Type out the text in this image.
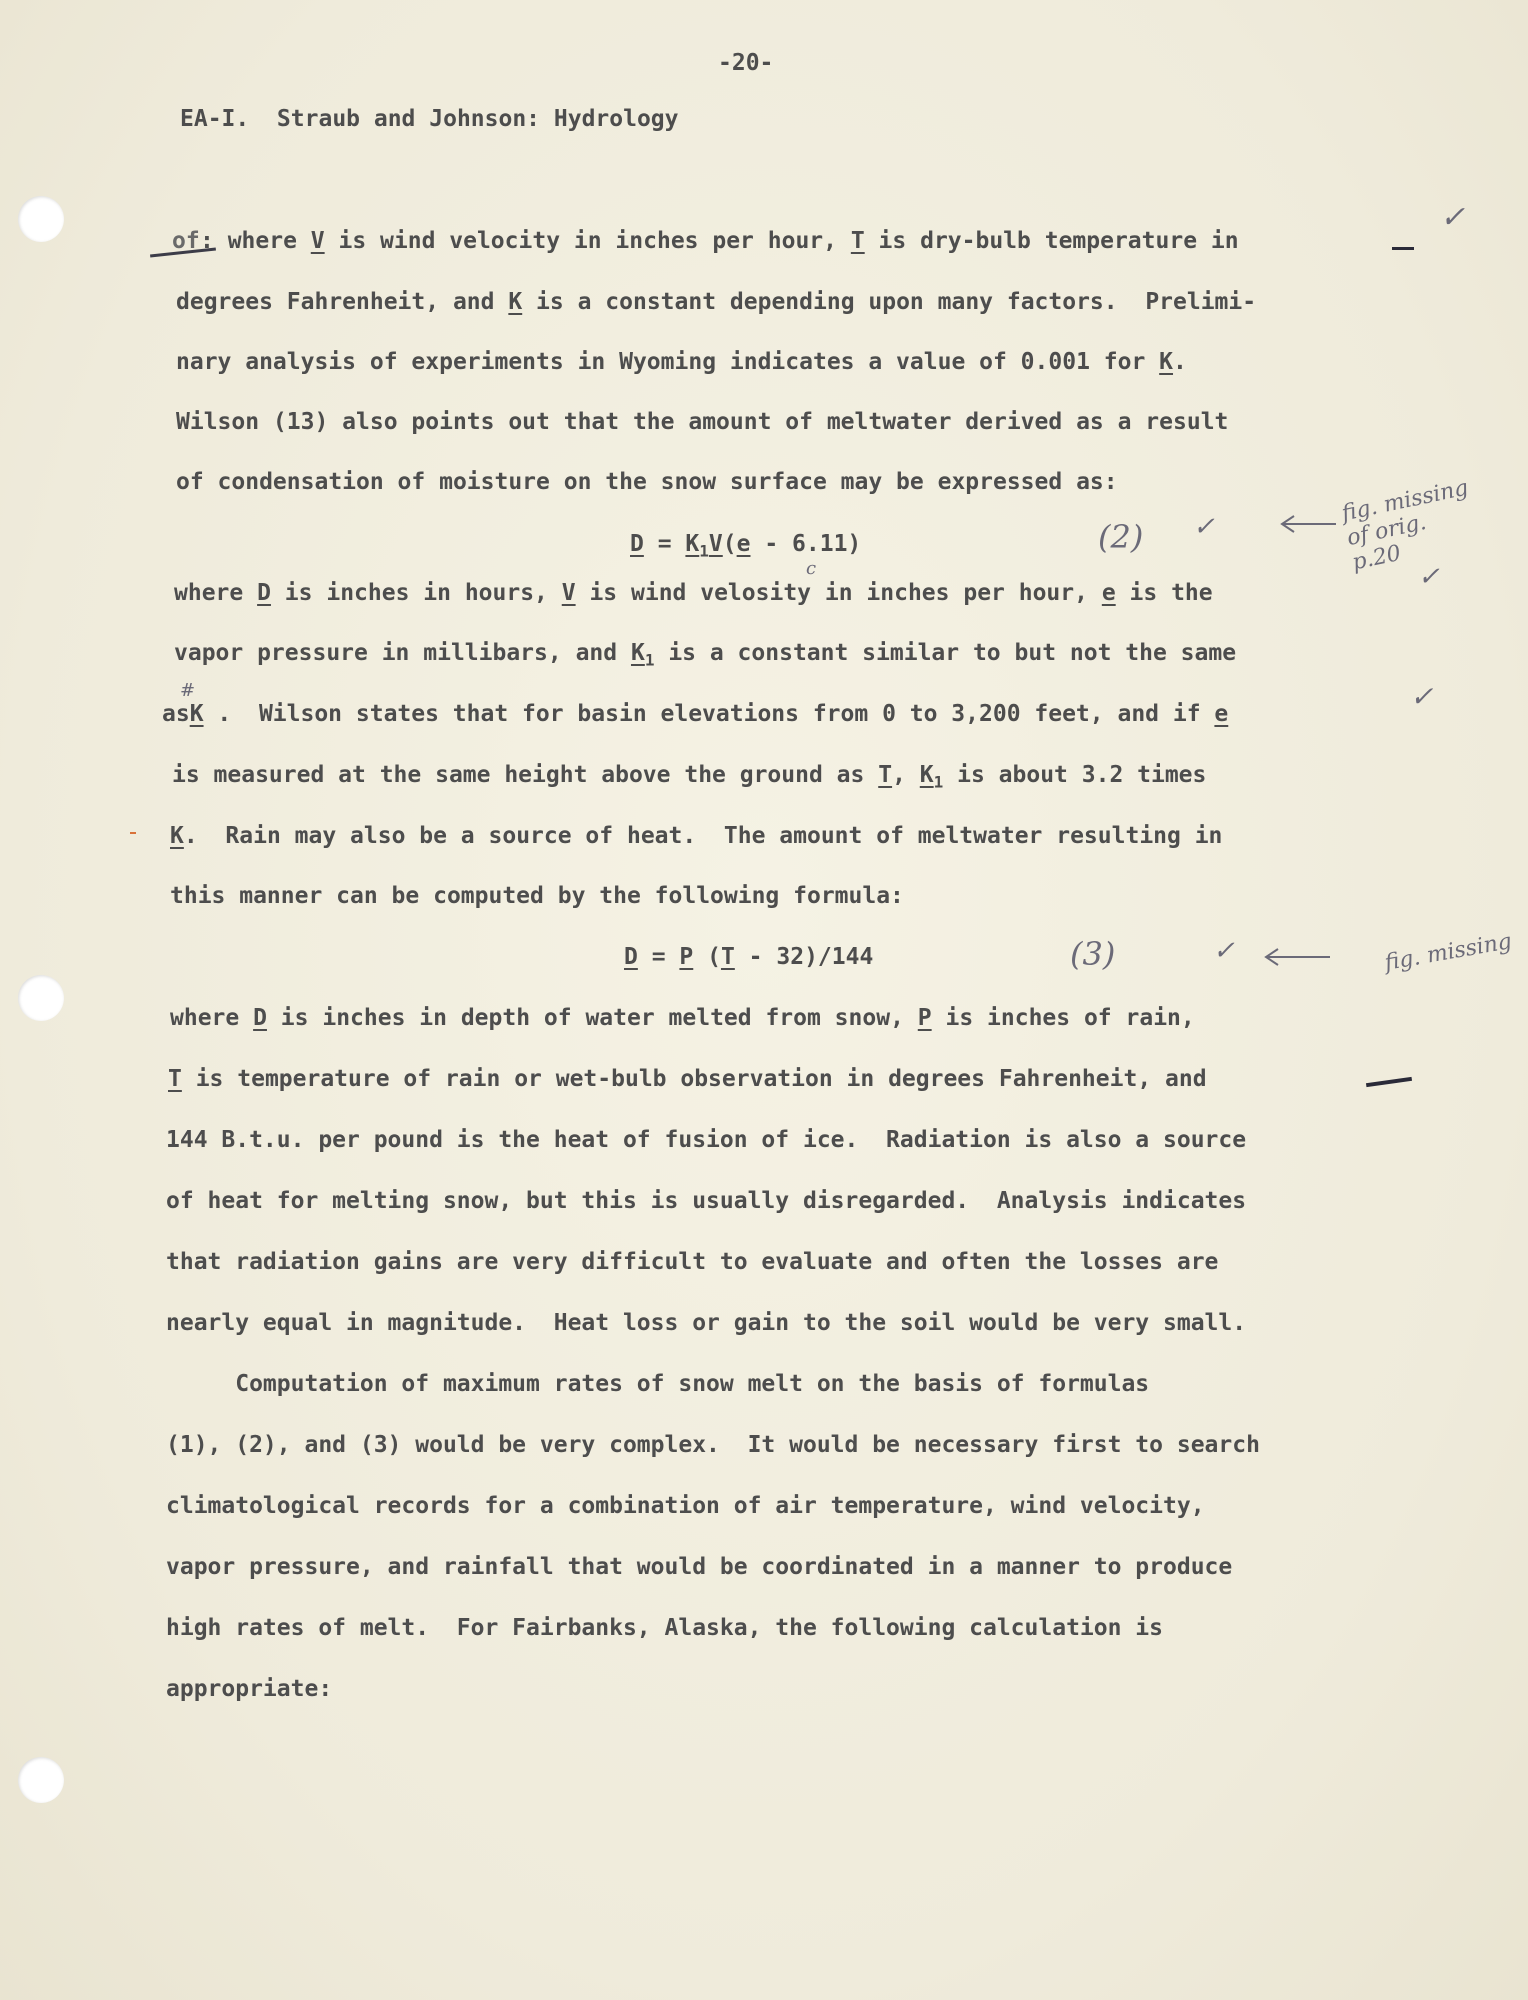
-20-
EA-I.  Straub and Johnson: Hydrology
of : where V is wind velocity in inches per hour, T is dry-bulb temperature in
degrees Fahrenheit, and K is a constant depending upon many factors.  Prelimi-
nary analysis of experiments in Wyoming indicates a value of 0.001 for K.
Wilson (13) also points out that the amount of meltwater derived as a result
of condensation of moisture on the snow surface may be expressed as:
$D = K_1V(e - 6.11)$	(2) ✓
fig. missing
of orig.
p.20
✓
c
where D is inches in hours, V is wind velosity in inches per hour, e is the
vapor pressure in millibars, and $K_1$ is a constant similar to but not the same
#
asK .  Wilson states that for basin elevations from 0 to 3,200 feet, and if e
is measured at the same height above the ground as T, $K_1$ is about 3.2 times
K.  Rain may also be a source of heat.  The amount of meltwater resulting in
this manner can be computed by the following formula:
D = P (T - 32)/144	(3)	✓	fig. missing
where D is inches in depth of water melted from snow, P is inches of rain,
T is temperature of rain or wet-bulb observation in degrees Fahrenheit, and
144 B.t.u. per pound is the heat of fusion of ice.  Radiation is also a source
of heat for melting snow, but this is usually disregarded.  Analysis indicates
that radiation gains are very difficult to evaluate and often the losses are
nearly equal in magnitude.  Heat loss or gain to the soil would be very small.
Computation of maximum rates of snow melt on the basis of formulas
(1), (2), and (3) would be very complex.  It would be necessary first to search
climatological records for a combination of air temperature, wind velocity,
vapor pressure, and rainfall that would be coordinated in a manner to produce
high rates of melt.  For Fairbanks, Alaska, the following calculation is
appropriate:
✓
✓
